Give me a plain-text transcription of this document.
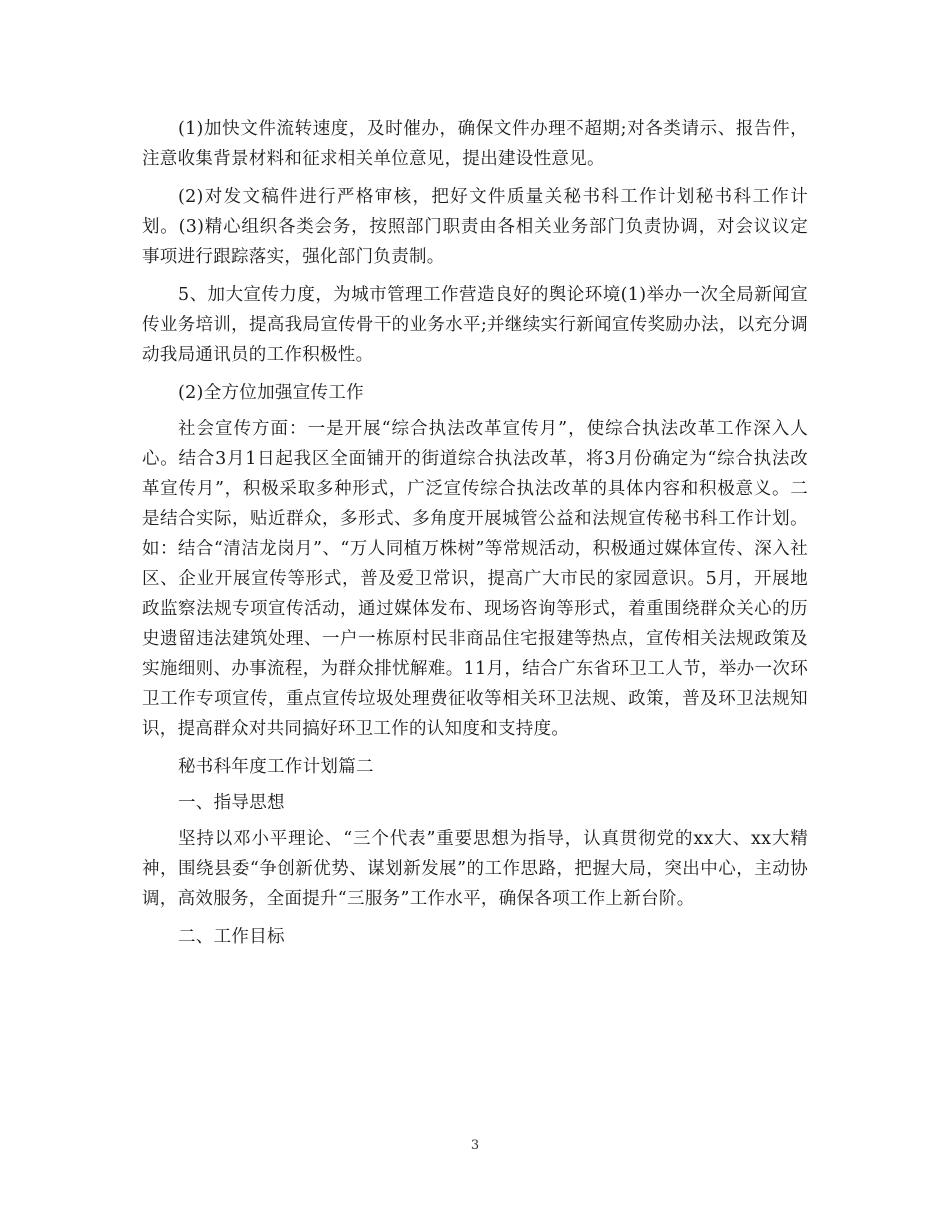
(1)加快文件流转速度，及时催办，确保文件办理不超期;对各类请示、报告件，注意收集背景材料和征求相关单位意见，提出建设性意见。

(2)对发文稿件进行严格审核，把好文件质量关秘书科工作计划秘书科工作计划。(3)精心组织各类会务，按照部门职责由各相关业务部门负责协调，对会议议定事项进行跟踪落实，强化部门负责制。

5、加大宣传力度，为城市管理工作营造良好的舆论环境(1)举办一次全局新闻宣传业务培训，提高我局宣传骨干的业务水平;并继续实行新闻宣传奖励办法，以充分调动我局通讯员的工作积极性。

(2)全方位加强宣传工作

社会宣传方面：一是开展“综合执法改革宣传月”，使综合执法改革工作深入人心。结合3月1日起我区全面铺开的街道综合执法改革，将3月份确定为“综合执法改革宣传月”，积极采取多种形式，广泛宣传综合执法改革的具体内容和积极意义。二是结合实际，贴近群众，多形式、多角度开展城管公益和法规宣传秘书科工作计划。如：结合“清洁龙岗月”、“万人同植万株树”等常规活动，积极通过媒体宣传、深入社区、企业开展宣传等形式，普及爱卫常识，提高广大市民的家园意识。5月，开展地政监察法规专项宣传活动，通过媒体发布、现场咨询等形式，着重围绕群众关心的历史遗留违法建筑处理、一户一栋原村民非商品住宅报建等热点，宣传相关法规政策及实施细则、办事流程，为群众排忧解难。11月，结合广东省环卫工人节，举办一次环卫工作专项宣传，重点宣传垃圾处理费征收等相关环卫法规、政策，普及环卫法规知识，提高群众对共同搞好环卫工作的认知度和支持度。

秘书科年度工作计划篇二

一、指导思想

坚持以邓小平理论、“三个代表”重要思想为指导，认真贯彻党的xx大、xx大精神，围绕县委“争创新优势、谋划新发展”的工作思路，把握大局，突出中心，主动协调，高效服务，全面提升“三服务”工作水平，确保各项工作上新台阶。

二、工作目标

3
